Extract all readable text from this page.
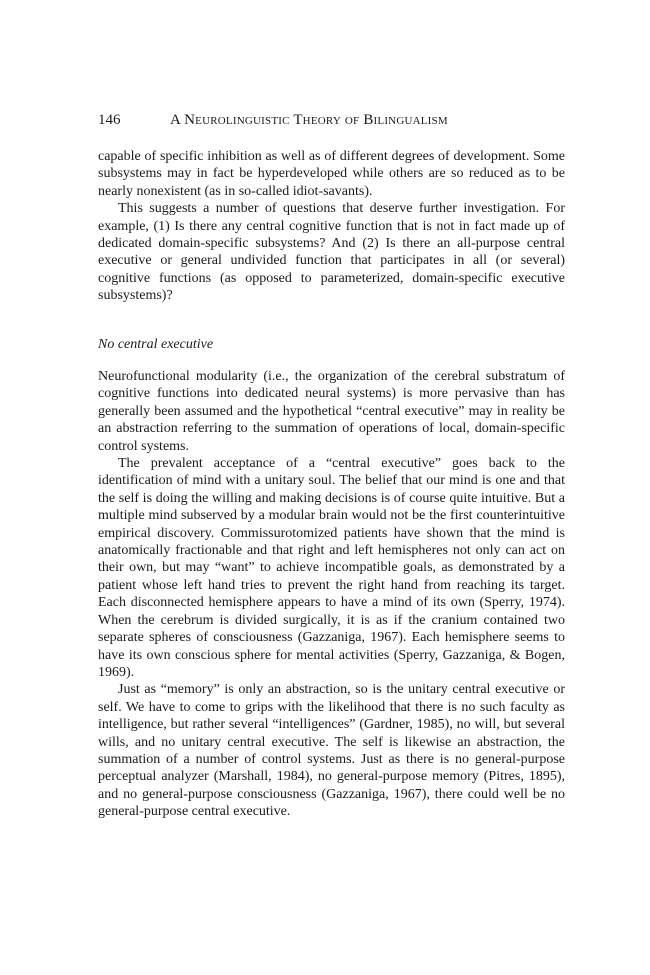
146	A Neurolinguistic Theory of Bilingualism

capable of specific inhibition as well as of different degrees of development. Some subsystems may in fact be hyperdeveloped while others are so reduced as to be nearly nonexistent (as in so-called idiot-savants).

This suggests a number of questions that deserve further investigation. For example, (1) Is there any central cognitive function that is not in fact made up of dedicated domain-specific subsystems? And (2) Is there an all-purpose central executive or general undivided function that participates in all (or several) cognitive functions (as opposed to parameterized, domain-specific executive subsystems)?

No central executive

Neurofunctional modularity (i.e., the organization of the cerebral substratum of cognitive functions into dedicated neural systems) is more pervasive than has generally been assumed and the hypothetical “central executive” may in reality be an abstraction referring to the summation of operations of local, domain-specific control systems.

The prevalent acceptance of a “central executive” goes back to the identification of mind with a unitary soul. The belief that our mind is one and that the self is doing the willing and making decisions is of course quite intuitive. But a multiple mind subserved by a modular brain would not be the first counterintuitive empirical discovery. Commissurotomized patients have shown that the mind is anatomically fractionable and that right and left hemispheres not only can act on their own, but may “want” to achieve incompatible goals, as demonstrated by a patient whose left hand tries to prevent the right hand from reaching its target. Each disconnected hemisphere appears to have a mind of its own (Sperry, 1974). When the cerebrum is divided surgically, it is as if the cranium contained two separate spheres of consciousness (Gazzaniga, 1967). Each hemisphere seems to have its own conscious sphere for mental activities (Sperry, Gazzaniga, & Bogen, 1969).

Just as “memory” is only an abstraction, so is the unitary central executive or self. We have to come to grips with the likelihood that there is no such faculty as intelligence, but rather several “intelligences” (Gardner, 1985), no will, but several wills, and no unitary central executive. The self is likewise an abstraction, the summation of a number of control systems. Just as there is no general-purpose perceptual analyzer (Marshall, 1984), no general-purpose memory (Pitres, 1895), and no general-purpose consciousness (Gazzaniga, 1967), there could well be no general-purpose central executive.
